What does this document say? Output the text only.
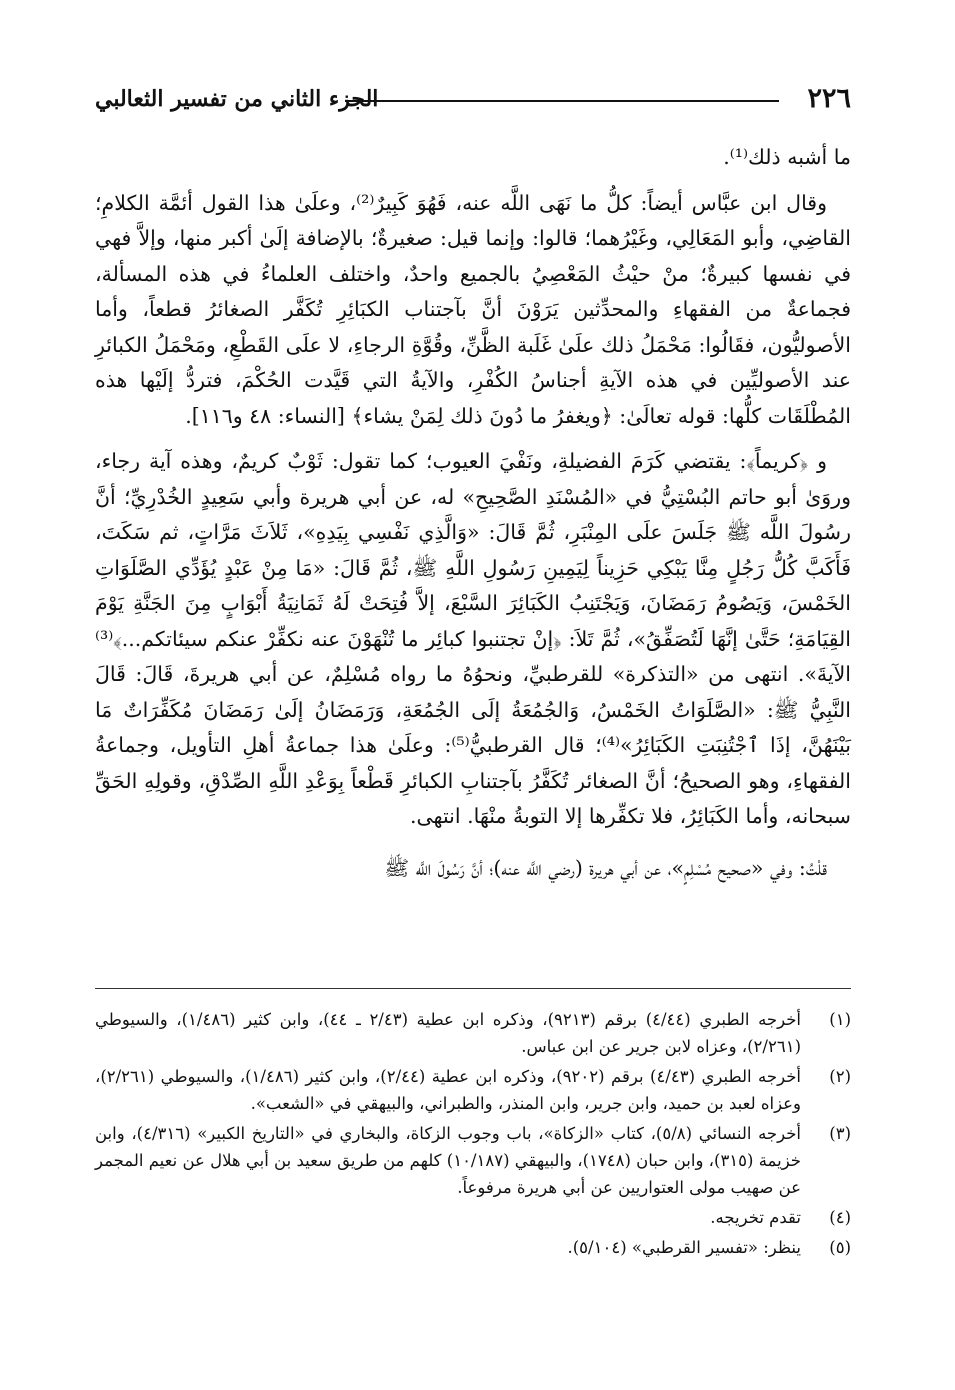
٢٢٦
الجزء الثاني من تفسير الثعالبي

ما أشبه ذلك⁽¹⁾.

وقال ابن عبَّاس أيضاً: كلُّ ما نَهَى اللَّه عنه، فَهُوَ كَبِيرٌ⁽²⁾، وعلَىٰ هذا القول أئمَّة الكلامِ؛ القاضِي، وأبو المَعَالِي، وغَيْرُهما؛ قالوا: وإنما قيل: صغيرةٌ؛ بالإضافة إلَىٰ أكبر منها، وإلاَّ فهي في نفسها كبيرةٌ؛ منْ حيْثُ المَعْصِيُ بالجميع واحدٌ، واختلف العلماءُ في هذه المسألة، فجماعةٌ من الفقهاءِ والمحدِّثين يَرَوْنَ أنَّ بآجتناب الكبَائِرِ تُكَفَّر الصغائرُ قطعاً، وأما الأصوليُّون، فقَالُوا: مَحْمَلُ ذلك علَىٰ غَلَبة الظَّنِّ، وقُوَّةِ الرجاءِ، لا علَى القَطْعِ، ومَحْمَلُ الكبائرِ عند الأصوليِّين في هذه الآيةِ أجناسُ الكُفْرِ، والآيةُ التي قَيَّدت الحُكْمَ، فتردُّ إلَيْها هذه المُطْلَقَات كلُّها: قوله تعالَىٰ: ﴿ويغفرُ ما دُونَ ذلك لِمَنْ يشاء﴾ [النساء: ٤٨ و١١٦].

و ﴿كريماً﴾: يقتضي كَرَمَ الفضيلةِ، ونَفْيَ العيوب؛ كما تقول: ثَوْبٌ كريمٌ، وهذه آية رجاء، وروَىٰ أبو حاتم البُسْتِيُّ في «المُسْنَدِ الصَّحِيحِ» له، عن أبي هريرة وأبي سَعِيدٍ الخُدْرِيِّ؛ أنَّ رسُولَ اللَّه ﷺ جَلَسَ علَى المِنْبَرِ، ثُمَّ قَالَ: «وَالَّذِي نَفْسِي بِيَدِهِ»، ثَلاَثَ مَرَّاتٍ، ثم سَكَتَ، فَأَكَبَّ كُلُّ رَجُلٍ مِنَّا يَبْكِي حَزِيناً لِيَمِينِ رَسُولِ اللَّهِ ﷺ، ثُمَّ قَالَ: «مَا مِنْ عَبْدٍ يُؤَدِّي الصَّلَوَاتِ الخَمْسَ، وَيَصُومُ رَمَضَانَ، وَيَجْتَنِبُ الكَبَائِرَ السَّبْعَ، إلاَّ فُتِحَتْ لَهُ ثَمَانِيَةُ أَبْوَابٍ مِنَ الجَنَّةِ يَوْمَ القِيَامَةِ؛ حَتَّىٰ إنَّهَا لَتُصَفِّقُ»، ثُمَّ تَلاَ: ﴿إنْ تجتنبوا كبائِر ما تُنْهَوْنَ عنه نكفِّرْ عنكم سيئاتكم...﴾⁽³⁾ الآيةَ». انتهى من «التذكرة» للقرطبيِّ، ونحوُهُ ما رواه مُسْلِمٌ، عن أبي هريرةَ، قَالَ: قَالَ النَّبِيُّ ﷺ: «الصَّلَوَاتُ الخَمْسُ، وَالجُمُعَةُ إلَى الجُمُعَةِ، وَرَمَضَانُ إلَىٰ رَمَضَانَ مُكَفِّرَاتٌ مَا بَيْنَهُنَّ، إذَا ٱجْتُنِبَتِ الكَبَائِرُ»⁽⁴⁾؛ قال القرطبيُّ⁽⁵⁾: وعلَىٰ هذا جماعةُ أهلِ التأويل، وجماعةُ الفقهاءِ، وهو الصحيحُ؛ أنَّ الصغائر تُكَفَّرُ بآجتنابِ الكبائرِ قَطْعاً بِوَعْدِ اللَّهِ الصِّدْقِ، وقولِهِ الحَقِّ سبحانه، وأما الكَبَائِرُ، فلا تكفِّرها إلا التوبةُ منْهَا. انتهى.

قلْتُ: وفي «صحيح مُسْلِمٍ»، عن أبي هريرة (رضي اللَّه عنه)؛ أنَّ رَسُولَ اللَّه ﷺ

(١)
أخرجه الطبري (٤/٤٤) برقم (٩٢١٣)، وذكره ابن عطية (٢/٤٣ ـ ٤٤)، وابن كثير (١/٤٨٦)، والسيوطي (٢/٢٦١)، وعزاه لابن جرير عن ابن عباس.
(٢)
أخرجه الطبري (٤/٤٣) برقم (٩٢٠٢)، وذكره ابن عطية (٢/٤٤)، وابن كثير (١/٤٨٦)، والسيوطي (٢/٢٦١)، وعزاه لعبد بن حميد، وابن جرير، وابن المنذر، والطبراني، والبيهقي في «الشعب».
(٣)
أخرجه النسائي (٥/٨)، كتاب «الزكاة»، باب وجوب الزكاة، والبخاري في «التاريخ الكبير» (٤/٣١٦)، وابن خزيمة (٣١٥)، وابن حبان (١٧٤٨)، والبيهقي (١٠/١٨٧) كلهم من طريق سعيد بن أبي هلال عن نعيم المجمر عن صهيب مولى العتواريين عن أبي هريرة مرفوعاً.
(٤)
تقدم تخريجه.
(٥)
ينظر: «تفسير القرطبي» (٥/١٠٤).
